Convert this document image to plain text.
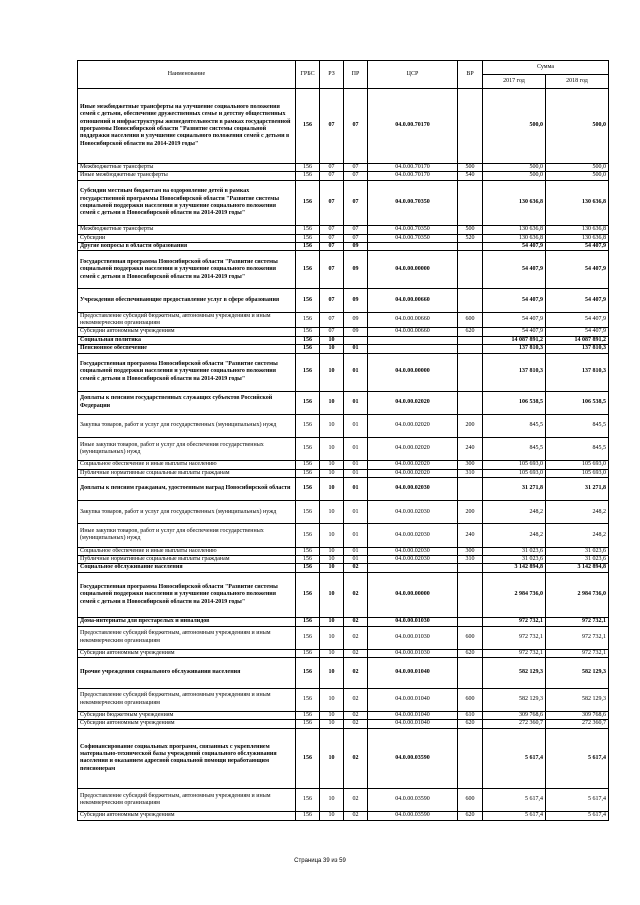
Наименование	ГРБС	РЗ	ПР	ЦСР	ВР	Сумма	
						2017 год	2018 год
Иные межбюджетные трансферты на улучшение социального положения семей с детьми, обеспечение дружественных семье и детству общественных отношений и инфраструктуры жизнедеятельности в рамках государственной программы Новосибирской области "Развитие системы социальной поддержки населения и улучшение социального положения семей с детьми в Новосибирской области на 2014-2019 годы"	156	07	07	04.0.00.70170		500,0	500,0
Межбюджетные трансферты	156	07	07	04.0.00.70170	500	500,0	500,0
Иные межбюджетные трансферты	156	07	07	04.0.00.70170	540	500,0	500,0
Субсидии местным бюджетам на оздоровление детей в рамках государственной программы Новосибирской области "Развитие системы социальной поддержки населения и улучшение социального положения семей с детьми в Новосибирской области на 2014-2019 годы"	156	07	07	04.0.00.70350		130 636,8	130 636,8
Межбюджетные трансферты	156	07	07	04.0.00.70350	500	130 636,8	130 636,8
Субсидии	156	07	07	04.0.00.70350	520	130 636,8	130 636,8
Другие вопросы в области образования	156	07	09			54 407,9	54 407,9
Государственная программа Новосибирской области "Развитие системы социальной поддержки населения и улучшение социального положения семей с детьми в Новосибирской области на 2014-2019 годы"	156	07	09	04.0.00.00000		54 407,9	54 407,9
Учреждения обеспечивающие предоставление услуг в сфере образования	156	07	09	04.0.00.00660		54 407,9	54 407,9
Предоставление субсидий бюджетным, автономным учреждениям и иным некоммерческим организациям	156	07	09	04.0.00.00660	600	54 407,9	54 407,9
Субсидии автономным учреждениям	156	07	09	04.0.00.00660	620	54 407,9	54 407,9
Социальная политика	156	10				14 087 891,2	14 087 891,2
Пенсионное обеспечение	156	10	01			137 810,3	137 810,3
Государственная программа Новосибирской области "Развитие системы социальной поддержки населения и улучшение социального положения семей с детьми в Новосибирской области на 2014-2019 годы"	156	10	01	04.0.00.00000		137 810,3	137 810,3
Доплаты к пенсиям государственных служащих субъектов Российской Федерации	156	10	01	04.0.00.02020		106 538,5	106 538,5
Закупка товаров, работ и услуг для государственных (муниципальных) нужд	156	10	01	04.0.00.02020	200	845,5	845,5
Иные закупки товаров, работ и услуг для обеспечения государственных (муниципальных) нужд	156	10	01	04.0.00.02020	240	845,5	845,5
Социальное обеспечение и иные выплаты населению	156	10	01	04.0.00.02020	300	105 693,0	105 693,0
Публичные нормативные социальные выплаты гражданам	156	10	01	04.0.00.02020	310	105 693,0	105 693,0
Доплаты к пенсиям гражданам, удостоенным наград Новосибирской области	156	10	01	04.0.00.02030		31 271,8	31 271,8
Закупка товаров, работ и услуг для государственных (муниципальных) нужд	156	10	01	04.0.00.02030	200	248,2	248,2
Иные закупки товаров, работ и услуг для обеспечения государственных (муниципальных) нужд	156	10	01	04.0.00.02030	240	248,2	248,2
Социальное обеспечение и иные выплаты населению	156	10	01	04.0.00.02030	300	31 023,6	31 023,6
Публичные нормативные социальные выплаты гражданам	156	10	01	04.0.00.02030	310	31 023,6	31 023,6
Социальное обслуживание населения	156	10	02			3 142 894,8	3 142 894,8
Государственная программа Новосибирской области "Развитие системы социальной поддержки населения и улучшение социального положения семей с детьми в Новосибирской области на 2014-2019 годы"	156	10	02	04.0.00.00000		2 984 736,0	2 984 736,0
Дома-интернаты для престарелых и инвалидов	156	10	02	04.0.00.01030		972 732,1	972 732,1
Предоставление субсидий бюджетным, автономным учреждениям и иным некоммерческим организациям	156	10	02	04.0.00.01030	600	972 732,1	972 732,1
Субсидии автономным учреждениям	156	10	02	04.0.00.01030	620	972 732,1	972 732,1
Прочие учреждения социального обслуживания населения	156	10	02	04.0.00.01040		582 129,3	582 129,3
Предоставление субсидий бюджетным, автономным учреждениям и иным некоммерческим организациям	156	10	02	04.0.00.01040	600	582 129,3	582 129,3
Субсидии бюджетным учреждениям	156	10	02	04.0.00.01040	610	309 768,6	309 768,6
Субсидии автономным учреждениям	156	10	02	04.0.00.01040	620	272 360,7	272 360,7
Софинансирование социальных программ, связанных с укреплением материально-технической базы учреждений социального обслуживания населения и оказанием адресной социальной помощи неработающим пенсионерам	156	10	02	04.0.00.03590		5 617,4	5 617,4
Предоставление субсидий бюджетным, автономным учреждениям и иным некоммерческим организациям	156	10	02	04.0.00.03590	600	5 617,4	5 617,4
Субсидии автономным учреждениям	156	10	02	04.0.00.03590	620	5 617,4	5 617,4
Страница 39 из 59
